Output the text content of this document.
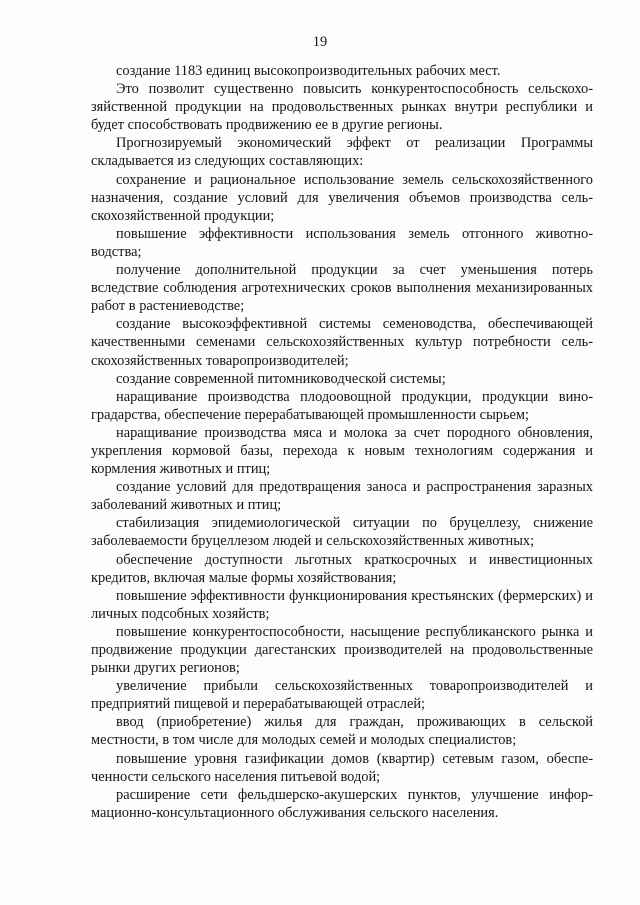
19

создание 1183 единиц высокопроизводительных рабочих мест.

Это позволит существенно повысить конкурентоспособность сельскохозяйственной продукции на продовольственных рынках внутри республики и будет способствовать продвижению ее в другие регионы.

Прогнозируемый экономический эффект от реализации Программы складывается из следующих составляющих:

сохранение и рациональное использование земель сельскохозяйственного назначения, создание условий для увеличения объемов производства сельскохозяйственной продукции;

повышение эффективности использования земель отгонного животноводства;

получение дополнительной продукции за счет уменьшения потерь вследствие соблюдения агротехнических сроков выполнения механизированных работ в растениеводстве;

создание высокоэффективной системы семеноводства, обеспечивающей качественными семенами сельскохозяйственных культур потребности сельскохозяйственных товаропроизводителей;

создание современной питомниководческой системы;

наращивание производства плодоовощной продукции, продукции виноградарства, обеспечение перерабатывающей промышленности сырьем;

наращивание производства мяса и молока за счет породного обновления, укрепления кормовой базы, перехода к новым технологиям содержания и кормления животных и птиц;

создание условий для предотвращения заноса и распространения заразных заболеваний животных и птиц;

стабилизация эпидемиологической ситуации по бруцеллезу, снижение заболеваемости бруцеллезом людей и сельскохозяйственных животных;

обеспечение доступности льготных краткосрочных и инвестиционных кредитов, включая малые формы хозяйствования;

повышение эффективности функционирования крестьянских (фермерских) и личных подсобных хозяйств;

повышение конкурентоспособности, насыщение республиканского рынка и продвижение продукции дагестанских производителей на продовольственные рынки других регионов;

увеличение прибыли сельскохозяйственных товаропроизводителей и предприятий пищевой и перерабатывающей отраслей;

ввод (приобретение) жилья для граждан, проживающих в сельской местности, в том числе для молодых семей и молодых специалистов;

повышение уровня газификации домов (квартир) сетевым газом, обеспеченности сельского населения питьевой водой;

расширение сети фельдшерско-акушерских пунктов, улучшение информационно-консультационного обслуживания сельского населения.
